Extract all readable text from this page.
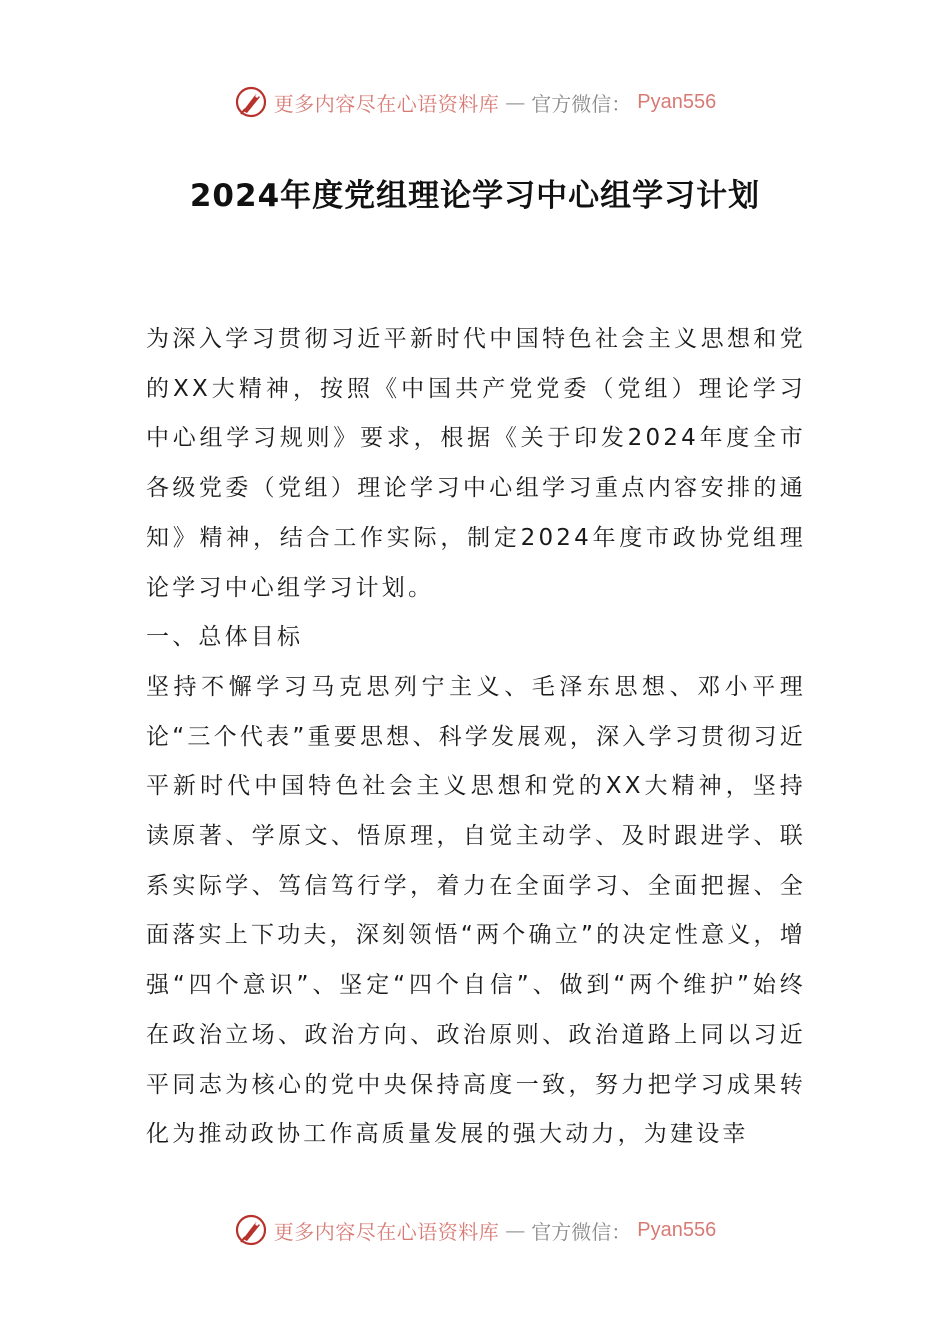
更多内容尽在心语资料库 — 官方微信： Pyan556
2024年度党组理论学习中心组学习计划

为深入学习贯彻习近平新时代中国特色社会主义思想和党的XX大精神，按照《中国共产党党委（党组）理论学习中心组学习规则》要求，根据《关于印发2024年度全市各级党委（党组）理论学习中心组学习重点内容安排的通知》精神，结合工作实际，制定2024年度市政协党组理论学习中心组学习计划。

一、总体目标

坚持不懈学习马克思列宁主义、毛泽东思想、邓小平理论“三个代表”重要思想、科学发展观，深入学习贯彻习近平新时代中国特色社会主义思想和党的XX大精神，坚持读原著、学原文、悟原理，自觉主动学、及时跟进学、联系实际学、笃信笃行学，着力在全面学习、全面把握、全面落实上下功夫，深刻领悟“两个确立”的决定性意义，增强“四个意识”、坚定“四个自信”、做到“两个维护”始终在政治立场、政治方向、政治原则、政治道路上同以习近平同志为核心的党中央保持高度一致，努力把学习成果转化为推动政协工作高质量发展的强大动力，为建设幸

更多内容尽在心语资料库 — 官方微信： Pyan556
